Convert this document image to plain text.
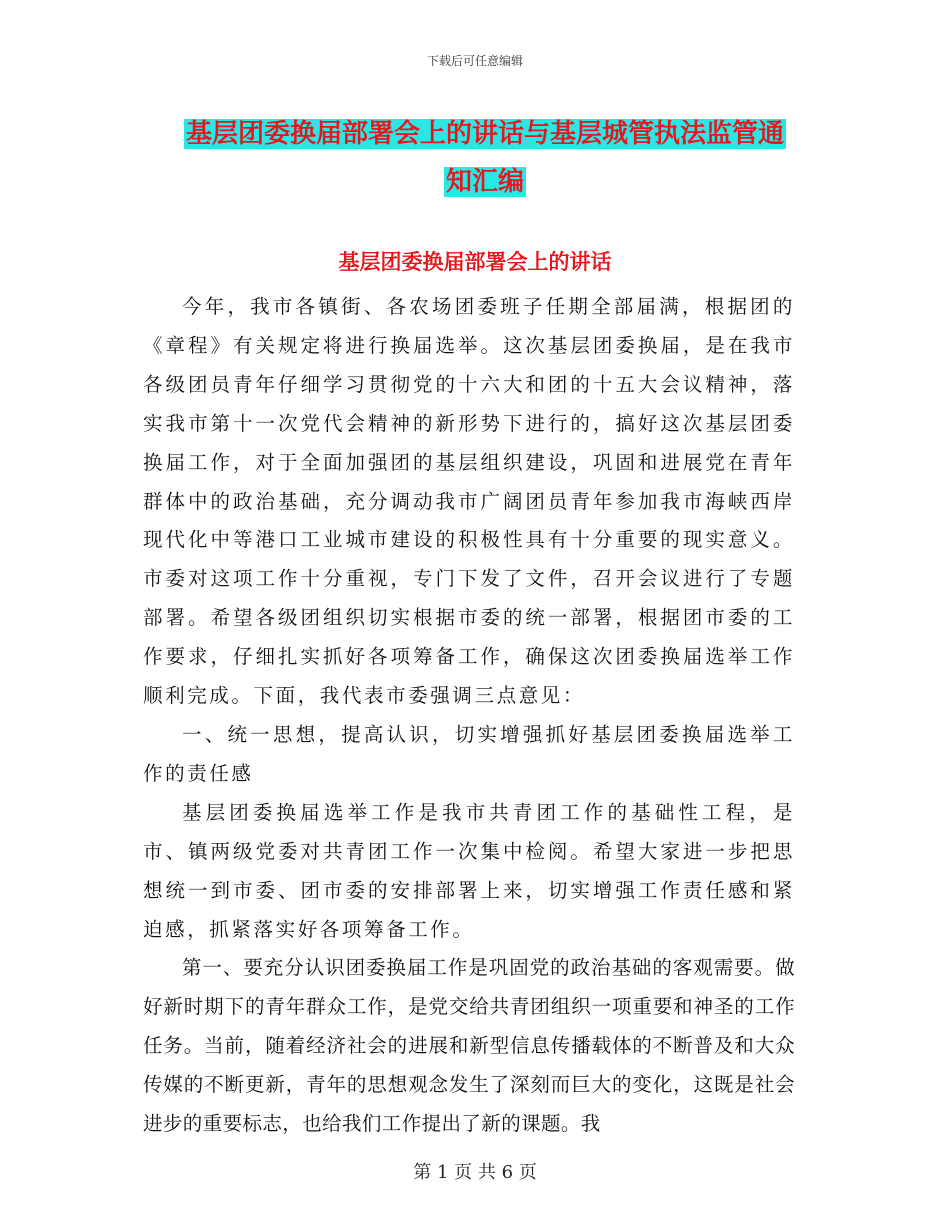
下载后可任意编辑
基层团委换届部署会上的讲话与基层城管执法监管通
知汇编
基层团委换届部署会上的讲话

今年，我市各镇街、各农场团委班子任期全部届满，根据团的《章程》有关规定将进行换届选举。这次基层团委换届，是在我市各级团员青年仔细学习贯彻党的十六大和团的十五大会议精神，落实我市第十一次党代会精神的新形势下进行的，搞好这次基层团委换届工作，对于全面加强团的基层组织建设，巩固和进展党在青年群体中的政治基础，充分调动我市广阔团员青年参加我市海峡西岸现代化中等港口工业城市建设的积极性具有十分重要的现实意义。市委对这项工作十分重视，专门下发了文件，召开会议进行了专题部署。希望各级团组织切实根据市委的统一部署，根据团市委的工作要求，仔细扎实抓好各项筹备工作，确保这次团委换届选举工作顺利完成。下面，我代表市委强调三点意见：

一、统一思想，提高认识，切实增强抓好基层团委换届选举工作的责任感

基层团委换届选举工作是我市共青团工作的基础性工程，是市、镇两级党委对共青团工作一次集中检阅。希望大家进一步把思想统一到市委、团市委的安排部署上来，切实增强工作责任感和紧迫感，抓紧落实好各项筹备工作。

第一、要充分认识团委换届工作是巩固党的政治基础的客观需要。做好新时期下的青年群众工作，是党交给共青团组织一项重要和神圣的工作任务。当前，随着经济社会的进展和新型信息传播载体的不断普及和大众传媒的不断更新，青年的思想观念发生了深刻而巨大的变化，这既是社会进步的重要标志，也给我们工作提出了新的课题。我

第 1 页 共 6 页
